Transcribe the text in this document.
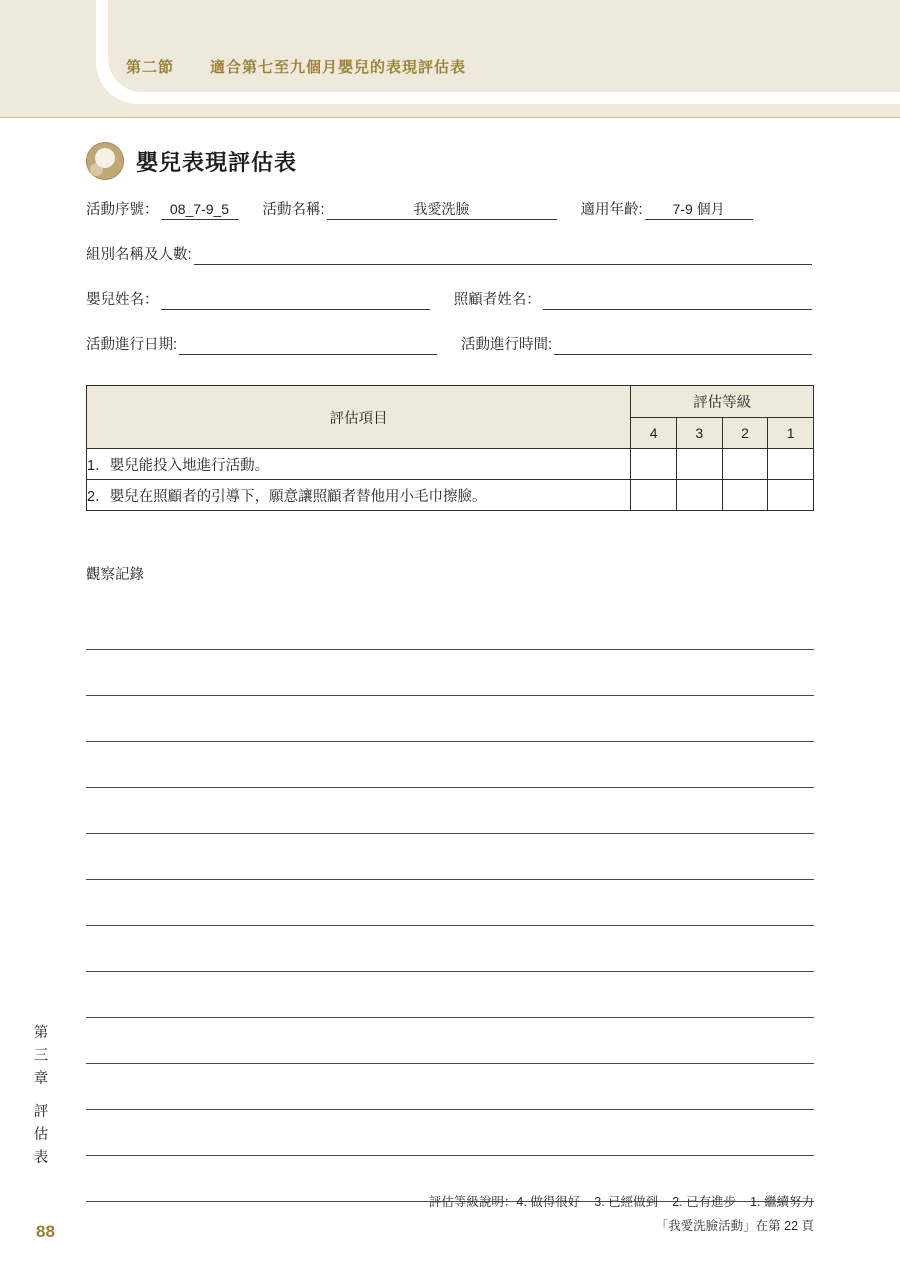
第二節 適合第七至九個月嬰兒的表現評估表
嬰兒表現評估表
活動序號： 08_7-9_5	活動名稱:	我愛洗臉	適用年齡:	7-9 個月
組別名稱及人數:
嬰兒姓名：	照顧者姓名：
活動進行日期:	活動進行時間:
評估項目	評估等級			
	4	3	2	1
1．嬰兒能投入地進行活動。				
2．嬰兒在照顧者的引導下，願意讓照顧者替他用小毛巾擦臉。				
觀察記錄
第
三
章
評
估
表
評估等級說明：4. 做得很好 3. 已經做到 2. 已有進步 1. 繼續努力
「我愛洗臉活動」在第 22 頁
88
